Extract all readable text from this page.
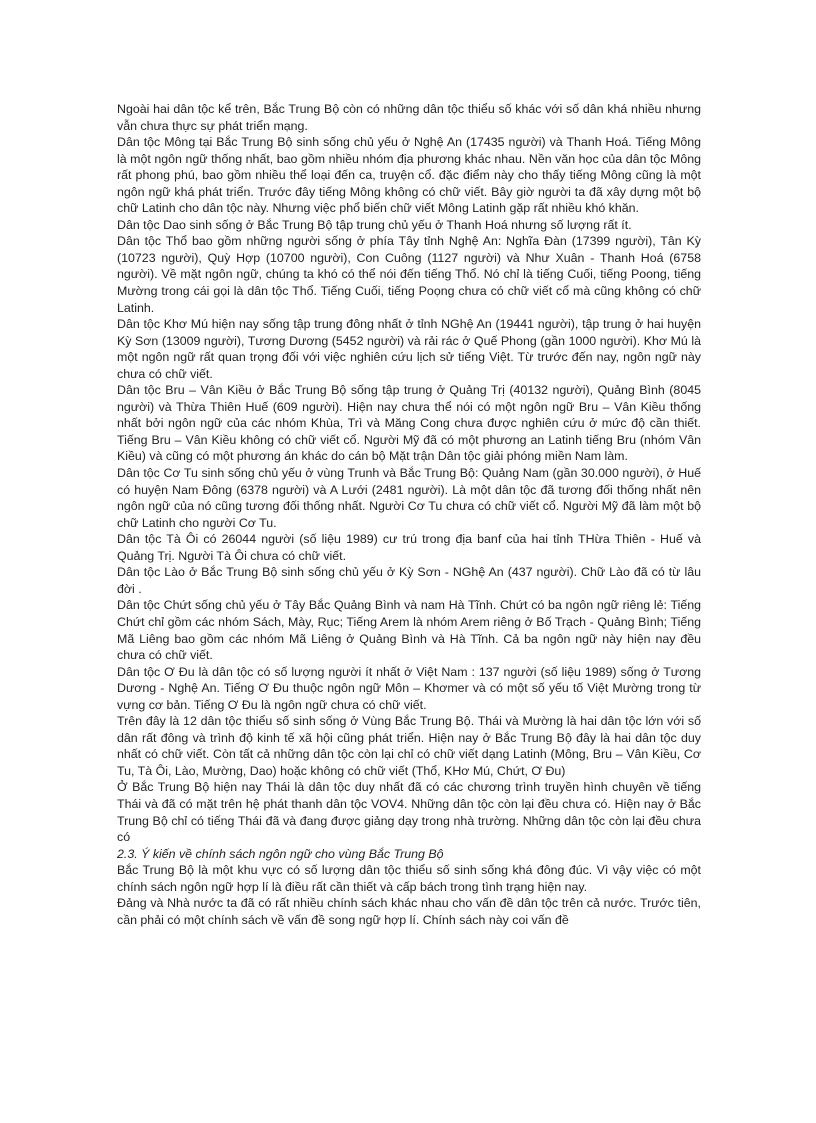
Ngoài hai dân tộc kể trên, Bắc Trung Bộ còn có những dân tộc thiểu số khác với số dân khá nhiều nhưng vẫn chưa thực sự phát triển mạng.

Dân tộc Mông tại Bắc Trung Bộ sinh sống chủ yếu ở Nghệ An (17435 người) và Thanh Hoá. Tiếng Mông là một ngôn ngữ thống nhất, bao gồm nhiều nhóm địa phương khác nhau. Nền văn học của dân tộc Mông rất phong phú, bao gồm nhiều thể loại đến ca, truyện cổ. đặc điểm này cho thấy tiếng Mông cũng là một ngôn ngữ khá phát triển. Trước đây tiếng Mông không có chữ viết. Bây giờ người ta đã xây dựng một bộ chữ Latinh cho dân tộc này. Nhưng việc phổ biến chữ viết Mông Latinh gặp rất nhiều khó khăn.

Dân tộc Dao sinh sống ở Bắc Trung Bộ tập trung chủ yếu ở Thanh Hoá nhưng số lượng rất ít.

Dân tộc Thổ bao gồm những người sống ở phía Tây tỉnh Nghệ An: Nghĩa Đàn (17399 người), Tân Kỳ (10723 người), Quỳ Hợp (10700 người), Con Cuông (1127 người) và Như Xuân - Thanh Hoá (6758 người). Về mặt ngôn ngữ, chúng ta khó có thể nói đến tiếng Thổ. Nó chỉ là tiếng Cuối, tiếng Poong, tiếng Mường trong cái gọi là dân tộc Thổ. Tiếng Cuối, tiếng Poọng chưa có chữ viết cổ mà cũng không có chữ Latinh.

Dân tộc Khơ Mú hiện nay sống tập trung đông nhất ở tỉnh NGhệ An (19441 người), tập trung ở hai huyện Kỳ Sơn (13009 người), Tương Dương (5452 người) và rải rác ở Quế Phong (gần 1000 người). Khơ Mú là một ngôn ngữ rất quan trọng đối với việc nghiên cứu lịch sử tiếng Việt. Từ trước đến nay, ngôn ngữ này chưa có chữ viết.

Dân tộc Bru – Vân Kiều ở Bắc Trung Bộ sống tập trung ở Quảng Trị (40132 người), Quảng Bình (8045 người) và Thừa Thiên Huế (609 người). Hiện nay chưa thể nói có một ngôn ngữ Bru – Vân Kiều thống nhất bởi ngôn ngữ của các nhóm Khùa, Trì và Măng Cong chưa được nghiên cứu ở mức độ cần thiết. Tiếng Bru – Vân Kiều không có chữ viết cổ. Người Mỹ đã có một phương an Latinh tiếng Bru (nhóm Vân Kiều) và cũng có một phương án khác do cán bộ Mặt trận Dân tộc giải phóng miền Nam làm.

Dân tộc Cơ Tu sinh sống chủ yếu ở vùng Trunh và Bắc Trung Bộ: Quảng Nam (gần 30.000 người), ở Huế có huyện Nam Đông (6378 người) và A Lưới (2481 người). Là một dân tộc đã tương đối thống nhất nên ngôn ngữ của nó cũng tương đối thống nhất. Người Cơ Tu chưa có chữ viết cổ. Người Mỹ đã làm một bộ chữ Latinh cho người Cơ Tu.

Dân tộc Tà Ôi có 26044 người (số liệu 1989) cư trú trong địa banf của hai tỉnh THừa Thiên - Huế và Quảng Trị. Người Tà Ôi chưa có chữ viết.

Dân tộc Lào ở Bắc Trung Bộ sinh sống chủ yếu ở Kỳ Sơn - NGhệ An (437 người). Chữ Lào đã có từ lâu đời .

Dân tộc Chứt sống chủ yếu ở Tây Bắc Quảng Bình và nam Hà Tĩnh. Chứt có ba ngôn ngữ riêng lẻ: Tiếng Chứt chỉ gồm các nhóm Sách, Mày, Rục; Tiếng Arem là nhóm Arem riêng ở Bố Trạch - Quảng Bình; Tiếng Mã Liêng bao gồm các nhóm Mã Liêng ở Quảng Bình và Hà Tĩnh. Cả ba ngôn ngữ này hiện nay đều chưa có chữ viết.

Dân tộc Ơ Đu là dân tộc có số lượng người ít nhất ở Việt Nam : 137 người (số liệu 1989) sống ở Tương Dương - Nghệ An. Tiếng Ơ Đu thuộc ngôn ngữ Môn – Khơmer và có một số yếu tố Việt Mường trong từ vựng cơ bản. Tiếng Ơ Đu là ngôn ngữ chưa có chữ viết.

Trên đây là 12 dân tộc thiểu số sinh sống ở Vùng Bắc Trung Bộ. Thái và Mường là hai dân tộc lớn với số dân rất đông và trình độ kinh tế xã hội cũng phát triển. Hiện nay ở Bắc Trung Bộ đây là hai dân tộc duy nhất có chữ viết. Còn tất cả những dân tộc còn lại chỉ có chữ viết dạng Latinh (Mông, Bru – Vân Kiều, Cơ Tu, Tà Ôi, Lào, Mường, Dao) hoặc không có chữ viết (Thổ, KHơ Mú, Chứt, Ơ Đu)

Ở Bắc Trung Bộ hiện nay Thái là dân tộc duy nhất đã có các chương trình truyền hình chuyên về tiếng Thái và đã có mặt trên hệ phát thanh dân tộc VOV4. Những dân tộc còn lại đều chưa có. Hiện nay ở Bắc Trung Bộ chỉ có tiếng Thái đã và đang được giảng dạy trong nhà trường. Những dân tộc còn lại đều chưa có

2.3. Ý kiến về chính sách ngôn ngữ cho vùng Bắc Trung Bộ

Bắc Trung Bộ là một khu vực có số lượng dân tộc thiểu số sinh sống khá đông đúc. Vì vậy việc có một chính sách ngôn ngữ hợp lí là điều rất cần thiết và cấp bách trong tình trạng hiện nay.

Đảng và Nhà nước ta đã có rất nhiều chính sách khác nhau cho vấn đề dân tộc trên cả nước. Trước tiên, cần phải có một chính sách về vấn đề song ngữ hợp lí. Chính sách này coi vấn đề
